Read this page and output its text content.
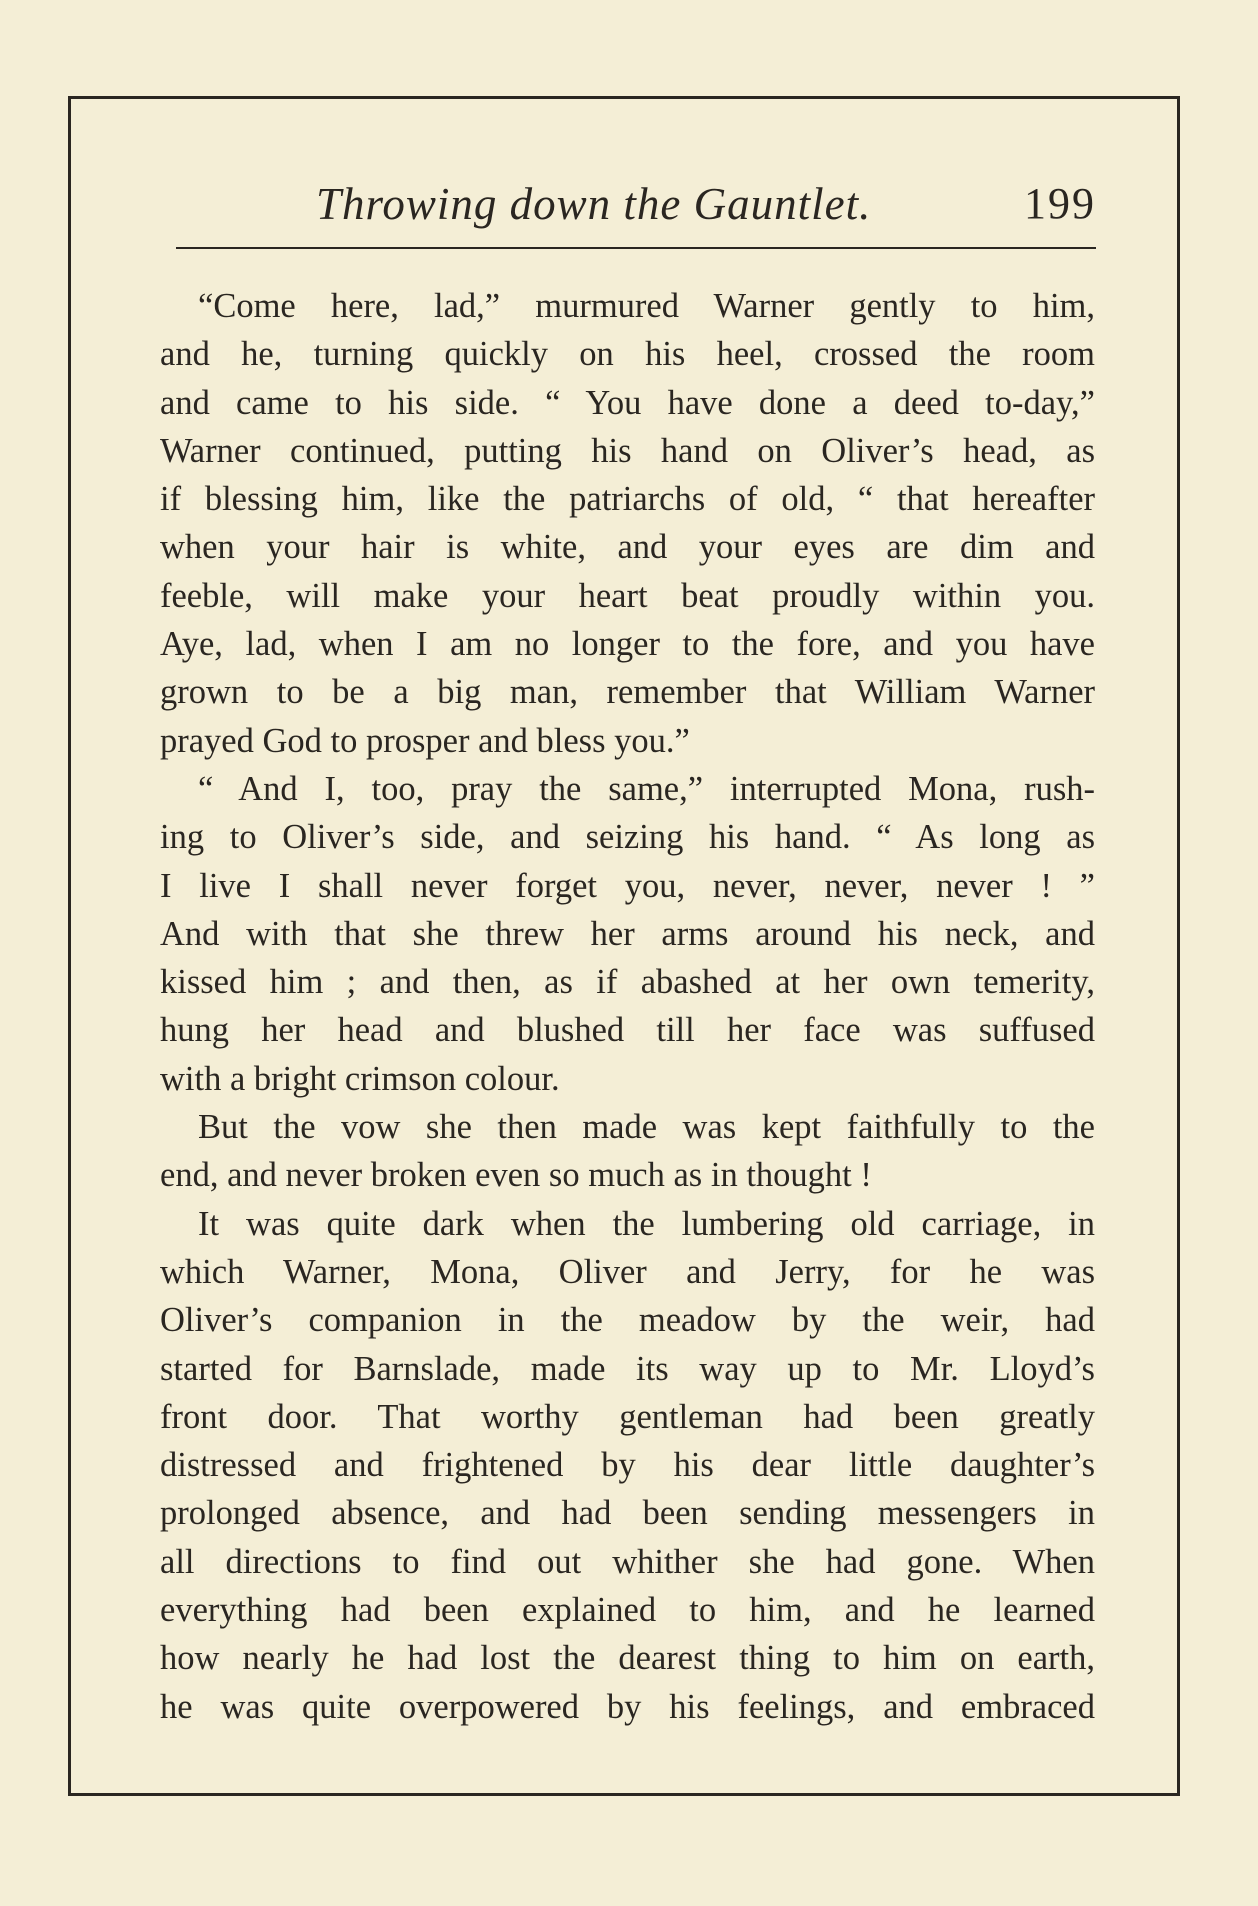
Throwing down the Gauntlet.	199
“Come here, lad,” murmured Warner gently to him,
and he, turning quickly on his heel, crossed the room
and came to his side. “ You have done a deed to-day,”
Warner continued, putting his hand on Oliver’s head, as
if blessing him, like the patriarchs of old, “ that hereafter
when your hair is white, and your eyes are dim and
feeble, will make your heart beat proudly within you.
Aye, lad, when I am no longer to the fore, and you have
grown to be a big man, remember that William Warner
prayed God to prosper and bless you.”
“ And I, too, pray the same,” interrupted Mona, rush-
ing to Oliver’s side, and seizing his hand. “ As long as
I live I shall never forget you, never, never, never ! ”
And with that she threw her arms around his neck, and
kissed him ; and then, as if abashed at her own temerity,
hung her head and blushed till her face was suffused
with a bright crimson colour.
But the vow she then made was kept faithfully to the
end, and never broken even so much as in thought !
It was quite dark when the lumbering old carriage, in
which Warner, Mona, Oliver and Jerry, for he was
Oliver’s companion in the meadow by the weir, had
started for Barnslade, made its way up to Mr. Lloyd’s
front door. That worthy gentleman had been greatly
distressed and frightened by his dear little daughter’s
prolonged absence, and had been sending messengers in
all directions to find out whither she had gone. When
everything had been explained to him, and he learned
how nearly he had lost the dearest thing to him on earth,
he was quite overpowered by his feelings, and embraced
